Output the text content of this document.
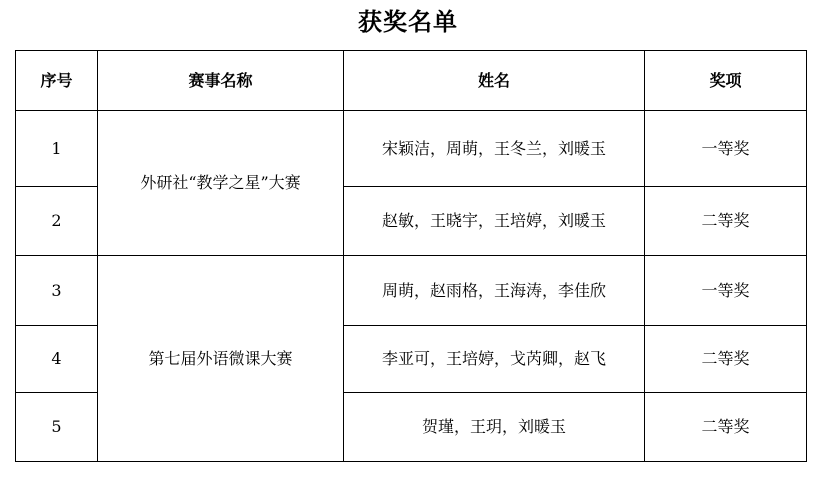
获奖名单
序号	赛事名称	姓名	奖项
1	外研社“教学之星”大赛	宋颖洁，周萌，王冬兰，刘暖玉	一等奖
2		赵敏，王晓宇，王培婷，刘暖玉	二等奖
3	第七届外语微课大赛	周萌，赵雨格，王海涛，李佳欣	一等奖
4		李亚可，王培婷，戈芮卿，赵飞	二等奖
5		贺瑾，王玥，刘暖玉	二等奖
